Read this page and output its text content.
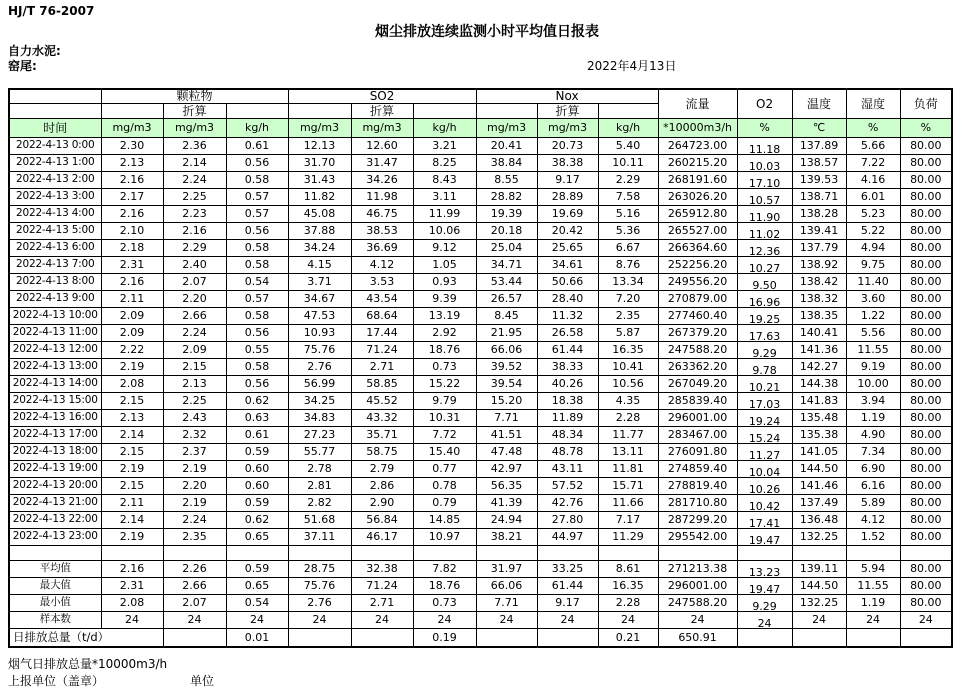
HJ/T 76-2007
烟尘排放连续监测小时平均值日报表
自力水泥:
窑尾:	2022年4月13日
	颗粒物			SO2			Nox			流量	O2	温度	湿度	负荷
		折算			折算			折算						
时间	mg/m3	mg/m3	kg/h	mg/m3	mg/m3	kg/h	mg/m3	mg/m3	kg/h	*10000m3/h	%	℃	%	%
2022-4-13 0:00	2.30	2.36	0.61	12.13	12.60	3.21	20.41	20.73	5.40	264723.00	11.18	137.89	5.66	80.00
2022-4-13 1:00	2.13	2.14	0.56	31.70	31.47	8.25	38.84	38.38	10.11	260215.20	10.03	138.57	7.22	80.00
2022-4-13 2:00	2.16	2.24	0.58	31.43	34.26	8.43	8.55	9.17	2.29	268191.60	17.10	139.53	4.16	80.00
2022-4-13 3:00	2.17	2.25	0.57	11.82	11.98	3.11	28.82	28.89	7.58	263026.20	10.57	138.71	6.01	80.00
2022-4-13 4:00	2.16	2.23	0.57	45.08	46.75	11.99	19.39	19.69	5.16	265912.80	11.90	138.28	5.23	80.00
2022-4-13 5:00	2.10	2.16	0.56	37.88	38.53	10.06	20.18	20.42	5.36	265527.00	11.02	139.41	5.22	80.00
2022-4-13 6:00	2.18	2.29	0.58	34.24	36.69	9.12	25.04	25.65	6.67	266364.60	12.36	137.79	4.94	80.00
2022-4-13 7:00	2.31	2.40	0.58	4.15	4.12	1.05	34.71	34.61	8.76	252256.20	10.27	138.92	9.75	80.00
2022-4-13 8:00	2.16	2.07	0.54	3.71	3.53	0.93	53.44	50.66	13.34	249556.20	9.50	138.42	11.40	80.00
2022-4-13 9:00	2.11	2.20	0.57	34.67	43.54	9.39	26.57	28.40	7.20	270879.00	16.96	138.32	3.60	80.00
2022-4-13 10:00	2.09	2.66	0.58	47.53	68.64	13.19	8.45	11.32	2.35	277460.40	19.25	138.35	1.22	80.00
2022-4-13 11:00	2.09	2.24	0.56	10.93	17.44	2.92	21.95	26.58	5.87	267379.20	17.63	140.41	5.56	80.00
2022-4-13 12:00	2.22	2.09	0.55	75.76	71.24	18.76	66.06	61.44	16.35	247588.20	9.29	141.36	11.55	80.00
2022-4-13 13:00	2.19	2.15	0.58	2.76	2.71	0.73	39.52	38.33	10.41	263362.20	9.78	142.27	9.19	80.00
2022-4-13 14:00	2.08	2.13	0.56	56.99	58.85	15.22	39.54	40.26	10.56	267049.20	10.21	144.38	10.00	80.00
2022-4-13 15:00	2.15	2.25	0.62	34.25	45.52	9.79	15.20	18.38	4.35	285839.40	17.03	141.83	3.94	80.00
2022-4-13 16:00	2.13	2.43	0.63	34.83	43.32	10.31	7.71	11.89	2.28	296001.00	19.24	135.48	1.19	80.00
2022-4-13 17:00	2.14	2.32	0.61	27.23	35.71	7.72	41.51	48.34	11.77	283467.00	15.24	135.38	4.90	80.00
2022-4-13 18:00	2.15	2.37	0.59	55.77	58.75	15.40	47.48	48.78	13.11	276091.80	11.27	141.05	7.34	80.00
2022-4-13 19:00	2.19	2.19	0.60	2.78	2.79	0.77	42.97	43.11	11.81	274859.40	10.04	144.50	6.90	80.00
2022-4-13 20:00	2.15	2.20	0.60	2.81	2.86	0.78	56.35	57.52	15.71	278819.40	10.26	141.46	6.16	80.00
2022-4-13 21:00	2.11	2.19	0.59	2.82	2.90	0.79	41.39	42.76	11.66	281710.80	10.42	137.49	5.89	80.00
2022-4-13 22:00	2.14	2.24	0.62	51.68	56.84	14.85	24.94	27.80	7.17	287299.20	17.41	136.48	4.12	80.00
2022-4-13 23:00	2.19	2.35	0.65	37.11	46.17	10.97	38.21	44.97	11.29	295542.00	19.47	132.25	1.52	80.00

平均值	2.16	2.26	0.59	28.75	32.38	7.82	31.97	33.25	8.61	271213.38	13.23	139.11	5.94	80.00
最大值	2.31	2.66	0.65	75.76	71.24	18.76	66.06	61.44	16.35	296001.00	19.47	144.50	11.55	80.00
最小值	2.08	2.07	0.54	2.76	2.71	0.73	7.71	9.17	2.28	247588.20	9.29	132.25	1.19	80.00
样本数	24	24	24	24	24	24	24	24	24	24	24	24	24	24
日排放总量（t/d）			0.01			0.19			0.21	650.91				
烟气日排放总量*10000m3/h
上报单位（盖章）	单位
